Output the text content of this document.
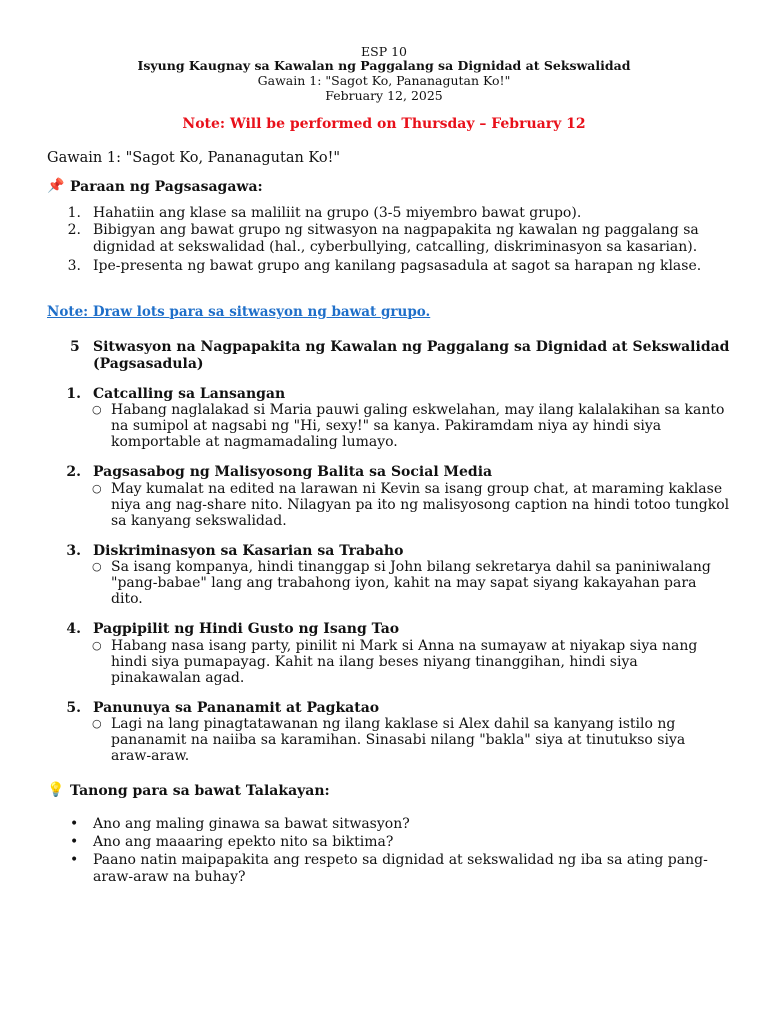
ESP 10
Isyung Kaugnay sa Kawalan ng Paggalang sa Dignidad at Sekswalidad
Gawain 1: "Sagot Ko, Pananagutan Ko!"
February 12, 2025
Note: Will be performed on Thursday – February 12
Gawain 1: "Sagot Ko, Pananagutan Ko!"
📌 Paraan ng Pagsasagawa:
1. Hahatiin ang klase sa maliliit na grupo (3-5 miyembro bawat grupo).
2. Bibigyan ang bawat grupo ng sitwasyon na nagpapakita ng kawalan ng paggalang sa
dignidad at sekswalidad (hal., cyberbullying, catcalling, diskriminasyon sa kasarian).
3. Ipe-presenta ng bawat grupo ang kanilang pagsasadula at sagot sa harapan ng klase.
Note: Draw lots para sa sitwasyon ng bawat grupo.
5 Sitwasyon na Nagpapakita ng Kawalan ng Paggalang sa Dignidad at Sekswalidad
(Pagsasadula)
1. Catcalling sa Lansangan
○ Habang naglalakad si Maria pauwi galing eskwelahan, may ilang kalalakihan sa kanto
na sumipol at nagsabi ng "Hi, sexy!" sa kanya. Pakiramdam niya ay hindi siya
komportable at nagmamadaling lumayo.
2. Pagsasabog ng Malisyosong Balita sa Social Media
○ May kumalat na edited na larawan ni Kevin sa isang group chat, at maraming kaklase
niya ang nag-share nito. Nilagyan pa ito ng malisyosong caption na hindi totoo tungkol
sa kanyang sekswalidad.
3. Diskriminasyon sa Kasarian sa Trabaho
○ Sa isang kompanya, hindi tinanggap si John bilang sekretarya dahil sa paniniwalang
"pang-babae" lang ang trabahong iyon, kahit na may sapat siyang kakayahan para
dito.
4. Pagpipilit ng Hindi Gusto ng Isang Tao
○ Habang nasa isang party, pinilit ni Mark si Anna na sumayaw at niyakap siya nang
hindi siya pumapayag. Kahit na ilang beses niyang tinanggihan, hindi siya
pinakawalan agad.
5. Panunuya sa Pananamit at Pagkatao
○ Lagi na lang pinagtatawanan ng ilang kaklase si Alex dahil sa kanyang istilo ng
pananamit na naiiba sa karamihan. Sinasabi nilang "bakla" siya at tinutukso siya
araw-araw.
💡 Tanong para sa bawat Talakayan:
• Ano ang maling ginawa sa bawat sitwasyon?
• Ano ang maaaring epekto nito sa biktima?
• Paano natin maipapakita ang respeto sa dignidad at sekswalidad ng iba sa ating pang-
araw-araw na buhay?
